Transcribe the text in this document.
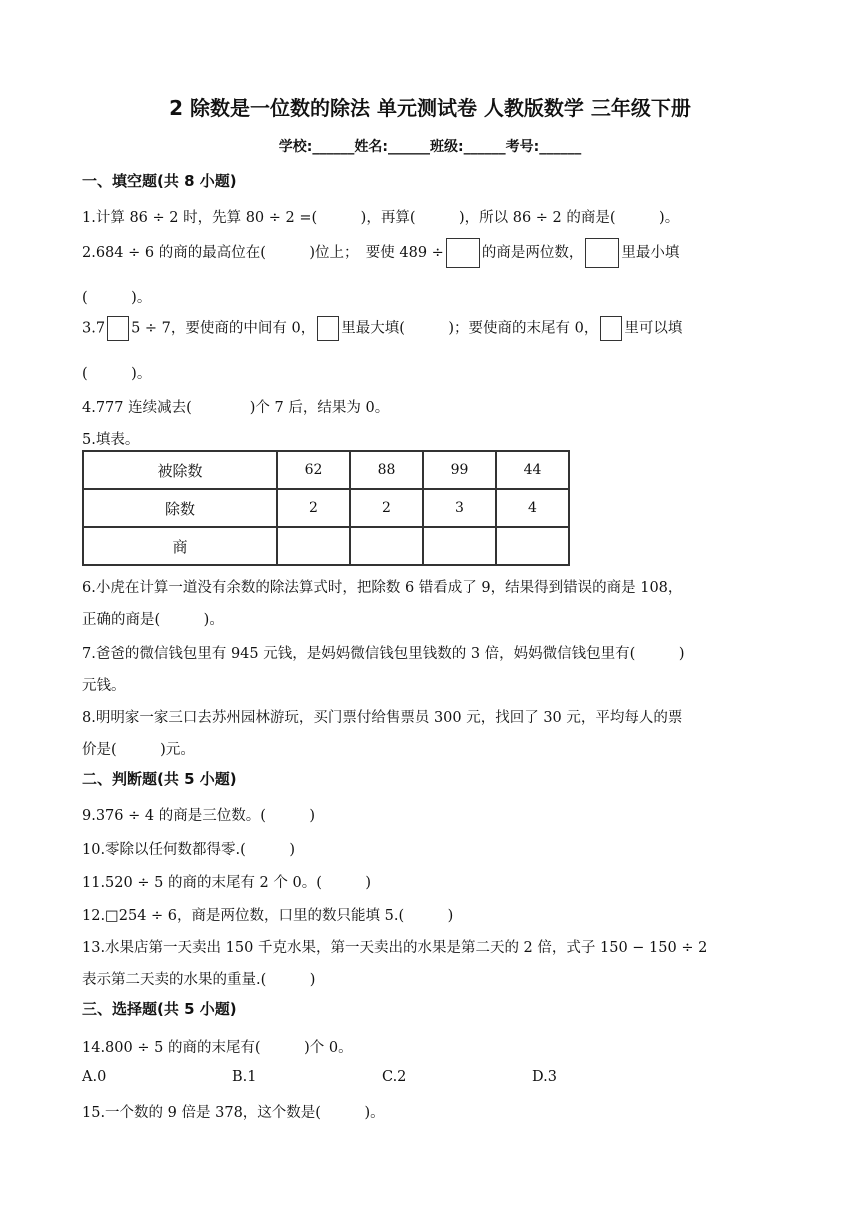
2 除数是一位数的除法 单元测试卷 人教版数学 三年级下册
学校:______姓名:______班级:______考号:______
一、填空题(共 8 小题)
1.计算 86 ÷ 2 时，先算 80 ÷ 2 =(　　　)，再算(　　　)，所以 86 ÷ 2 的商是(　　　)。
2.684 ÷ 6 的商的最高位在(　　　)位上；　要使 489 ÷	的商是两位数，	里最小填
(　　　)。
3.7 5 ÷ 7，要使商的中间有 0， 里最大填(　　　)；要使商的末尾有 0， 里可以填
(　　　)。
4.777 连续减去(　　　　)个 7 后，结果为 0。
5.填表。
被除数	62	88	99	44
除数	2	2	3	4
商				
6.小虎在计算一道没有余数的除法算式时，把除数 6 错看成了 9，结果得到错误的商是 108，
正确的商是(　　　)。
7.爸爸的微信钱包里有 945 元钱，是妈妈微信钱包里钱数的 3 倍，妈妈微信钱包里有(　　　)
元钱。
8.明明家一家三口去苏州园林游玩，买门票付给售票员 300 元，找回了 30 元，平均每人的票
价是(　　　)元。
二、判断题(共 5 小题)
9.376 ÷ 4 的商是三位数。(　　　)
10.零除以任何数都得零.(　　　)
11.520 ÷ 5 的商的末尾有 2 个 0。(　　　)
12.□254 ÷ 6，商是两位数，口里的数只能填 5.(　　　)
13.水果店第一天卖出 150 千克水果，第一天卖出的水果是第二天的 2 倍，式子 150 − 150 ÷ 2
表示第二天卖的水果的重量.(　　　)
三、选择题(共 5 小题)
14.800 ÷ 5 的商的末尾有(　　　)个 0。
A.0	B.1	C.2	D.3
15.一个数的 9 倍是 378，这个数是(　　　)。
